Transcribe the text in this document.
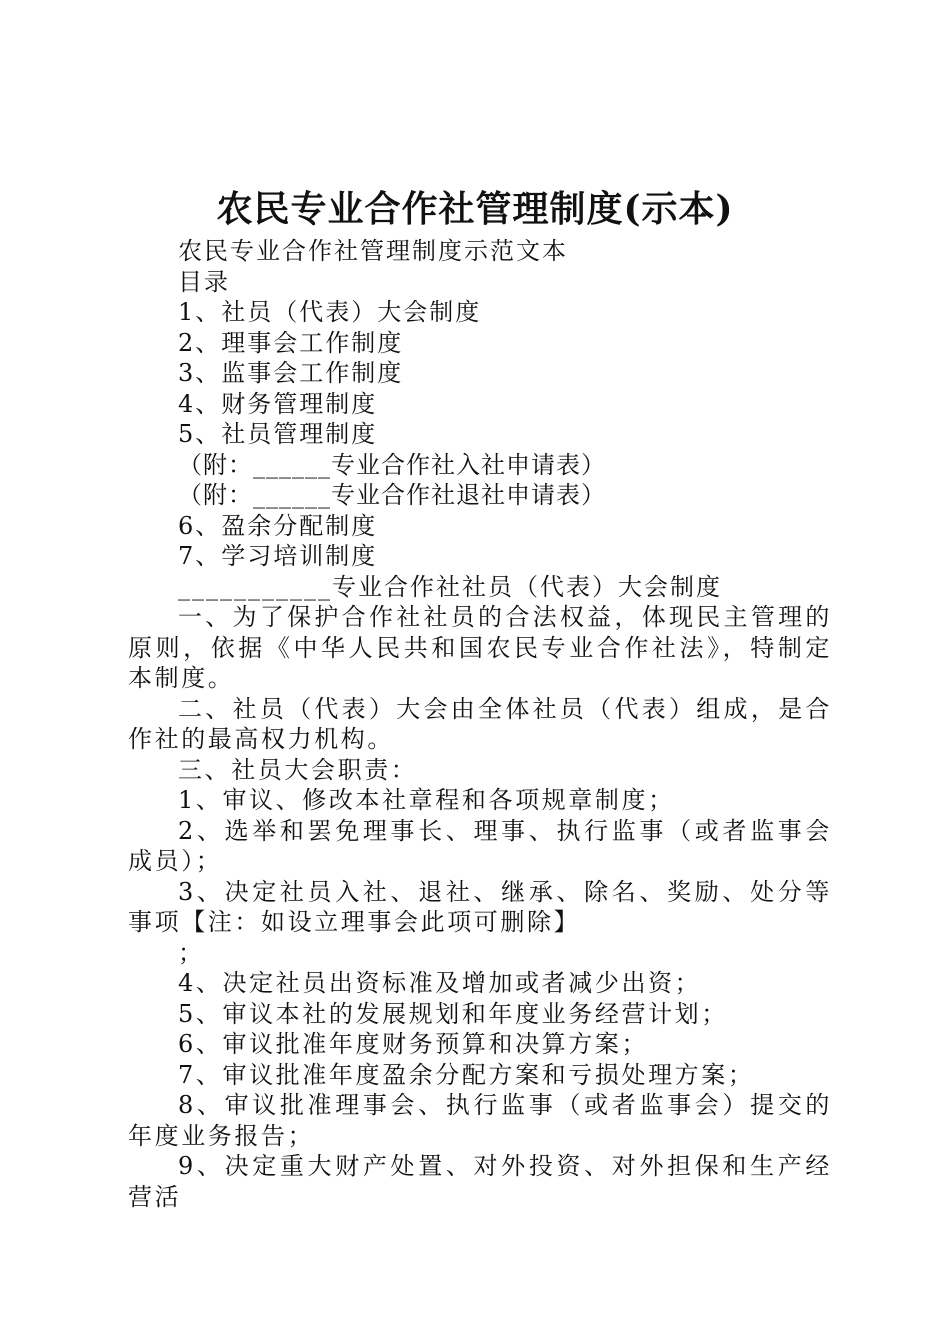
农民专业合作社管理制度(示本)
农民专业合作社管理制度示范文本
目录
1、社员（代表）大会制度
2、理事会工作制度
3、监事会工作制度
4、财务管理制度
5、社员管理制度
（附：______专业合作社入社申请表）
（附：______专业合作社退社申请表）
6、盈余分配制度
7、学习培训制度
___________专业合作社社员（代表）大会制度
一、为了保护合作社社员的合法权益，体现民主管理的原则，依据《中华人民共和国农民专业合作社法》，特制定本制度。
二、社员（代表）大会由全体社员（代表）组成，是合作社的最高权力机构。
三、社员大会职责：
1、审议、修改本社章程和各项规章制度；
2、选举和罢免理事长、理事、执行监事（或者监事会成员）；
3、决定社员入社、退社、继承、除名、奖励、处分等事项【注：如设立理事会此项可删除】
；
4、决定社员出资标准及增加或者减少出资；
5、审议本社的发展规划和年度业务经营计划；
6、审议批准年度财务预算和决算方案；
7、审议批准年度盈余分配方案和亏损处理方案；
8、审议批准理事会、执行监事（或者监事会）提交的年度业务报告；
9、决定重大财产处置、对外投资、对外担保和生产经营活
